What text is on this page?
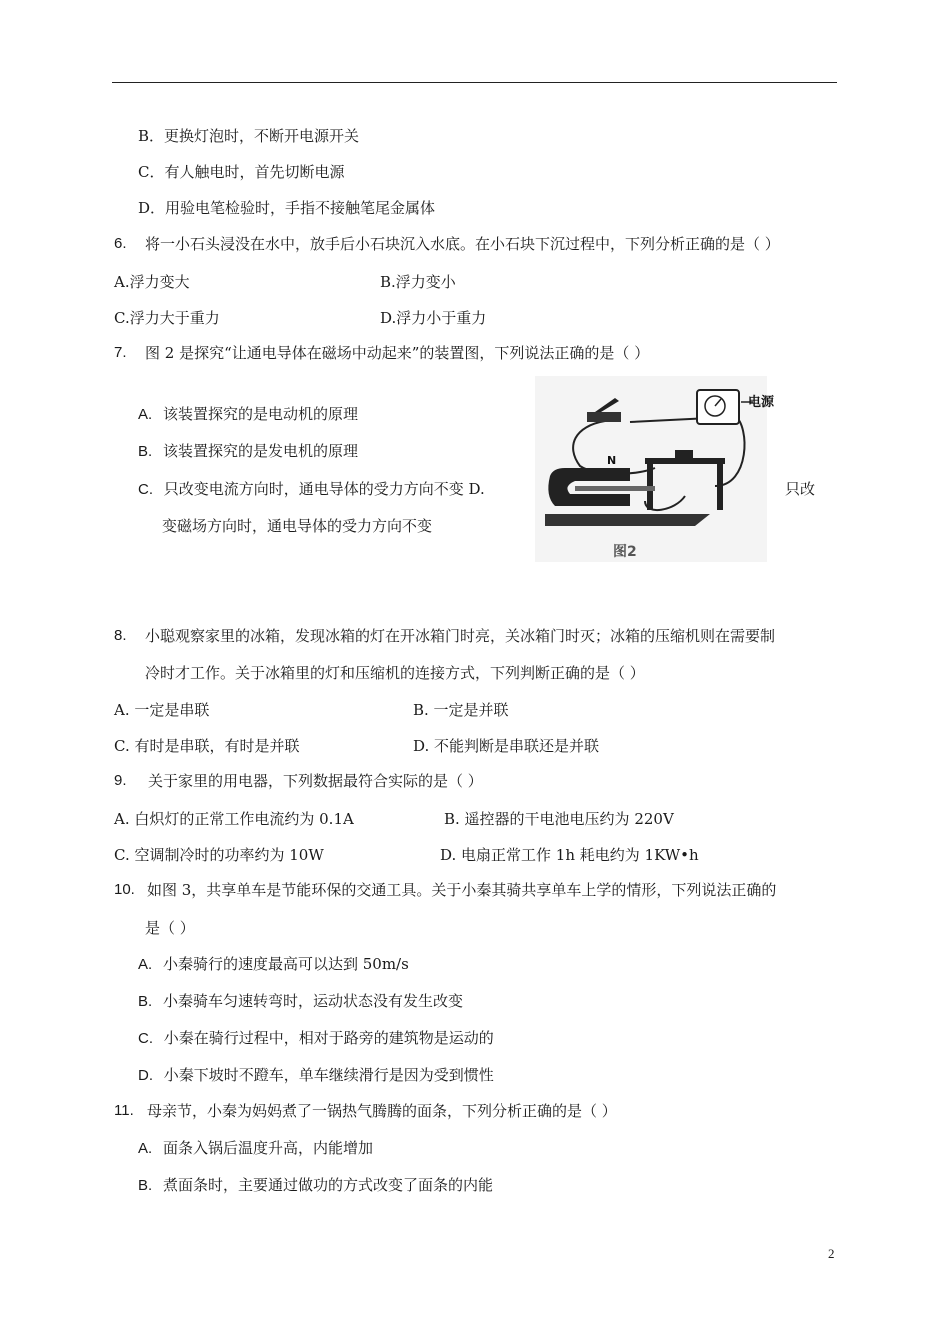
B．更换灯泡时，不断开电源开关
C．有人触电时，首先切断电源
D．用验电笔检验时，手指不接触笔尾金属体
6. 将一小石头浸没在水中，放手后小石块沉入水底。在小石块下沉过程中，下列分析正确的是（ ）
A.浮力变大	B.浮力变小
C.浮力大于重力	D.浮力小于重力
7. 图 2 是探究“让通电导体在磁场中动起来”的装置图，下列说法正确的是（ ）
A. 该装置探究的是电动机的原理
B. 该装置探究的是发电机的原理
C. 只改变电流方向时，通电导体的受力方向不变 D.	只改
变磁场方向时，通电导体的受力方向不变
电源
N
图2
8. 小聪观察家里的冰箱，发现冰箱的灯在开冰箱门时亮，关冰箱门时灭；冰箱的压缩机则在需要制
冷时才工作。关于冰箱里的灯和压缩机的连接方式，下列判断正确的是（ ）
A. 一定是串联	B. 一定是并联
C. 有时是串联，有时是并联	D. 不能判断是串联还是并联
9. 关于家里的用电器，下列数据最符合实际的是（ ）
A. 白炽灯的正常工作电流约为 0.1A	B. 遥控器的干电池电压约为 220V
C. 空调制冷时的功率约为 10W	D. 电扇正常工作 1h 耗电约为 1KW•h
10. 如图 3，共享单车是节能环保的交通工具。关于小秦其骑共享单车上学的情形，下列说法正确的
是（ ）
A. 小秦骑行的速度最高可以达到 50m/s
B. 小秦骑车匀速转弯时，运动状态没有发生改变
C. 小秦在骑行过程中，相对于路旁的建筑物是运动的
D. 小秦下坡时不蹬车，单车继续滑行是因为受到惯性
11. 母亲节，小秦为妈妈煮了一锅热气腾腾的面条，下列分析正确的是（ ）
A. 面条入锅后温度升高，内能增加
B. 煮面条时，主要通过做功的方式改变了面条的内能
2
